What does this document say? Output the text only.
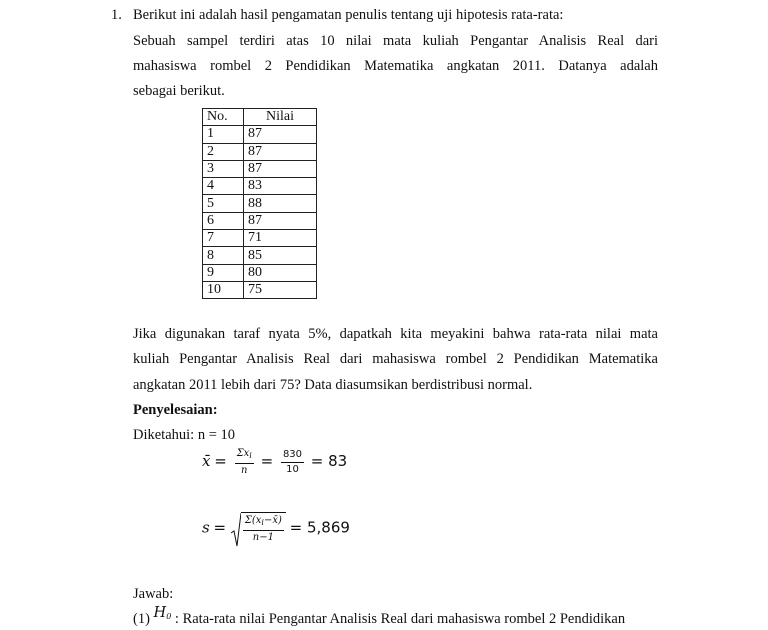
1. Berikut ini adalah hasil pengamatan penulis tentang uji hipotesis rata-rata:
Sebuah sampel terdiri atas 10 nilai mata kuliah Pengantar Analisis Real dari
mahasiswa rombel 2 Pendidikan Matematika angkatan 2011. Datanya adalah
sebagai berikut.
No.	Nilai
1	87
2	87
3	87
4	83
5	88
6	87
7	71
8	85
9	80
10	75
Jika digunakan taraf nyata 5%, dapatkah kita meyakini bahwa rata-rata nilai mata
kuliah Pengantar Analisis Real dari mahasiswa rombel 2 Pendidikan Matematika
angkatan 2011 lebih dari 75? Data diasumsikan berdistribusi normal.
Penyelesaian:
Diketahui: n = 10
x̄ = $\frac{\Sigma x_i}{n} = \frac{830}{10} = 83$
$s = \frac{\Sigma(x_i-x̄)}{n-1} = 5,869$
Jawab:
(1) $H_0$ : Rata-rata nilai Pengantar Analisis Real dari mahasiswa rombel 2 Pendidikan
